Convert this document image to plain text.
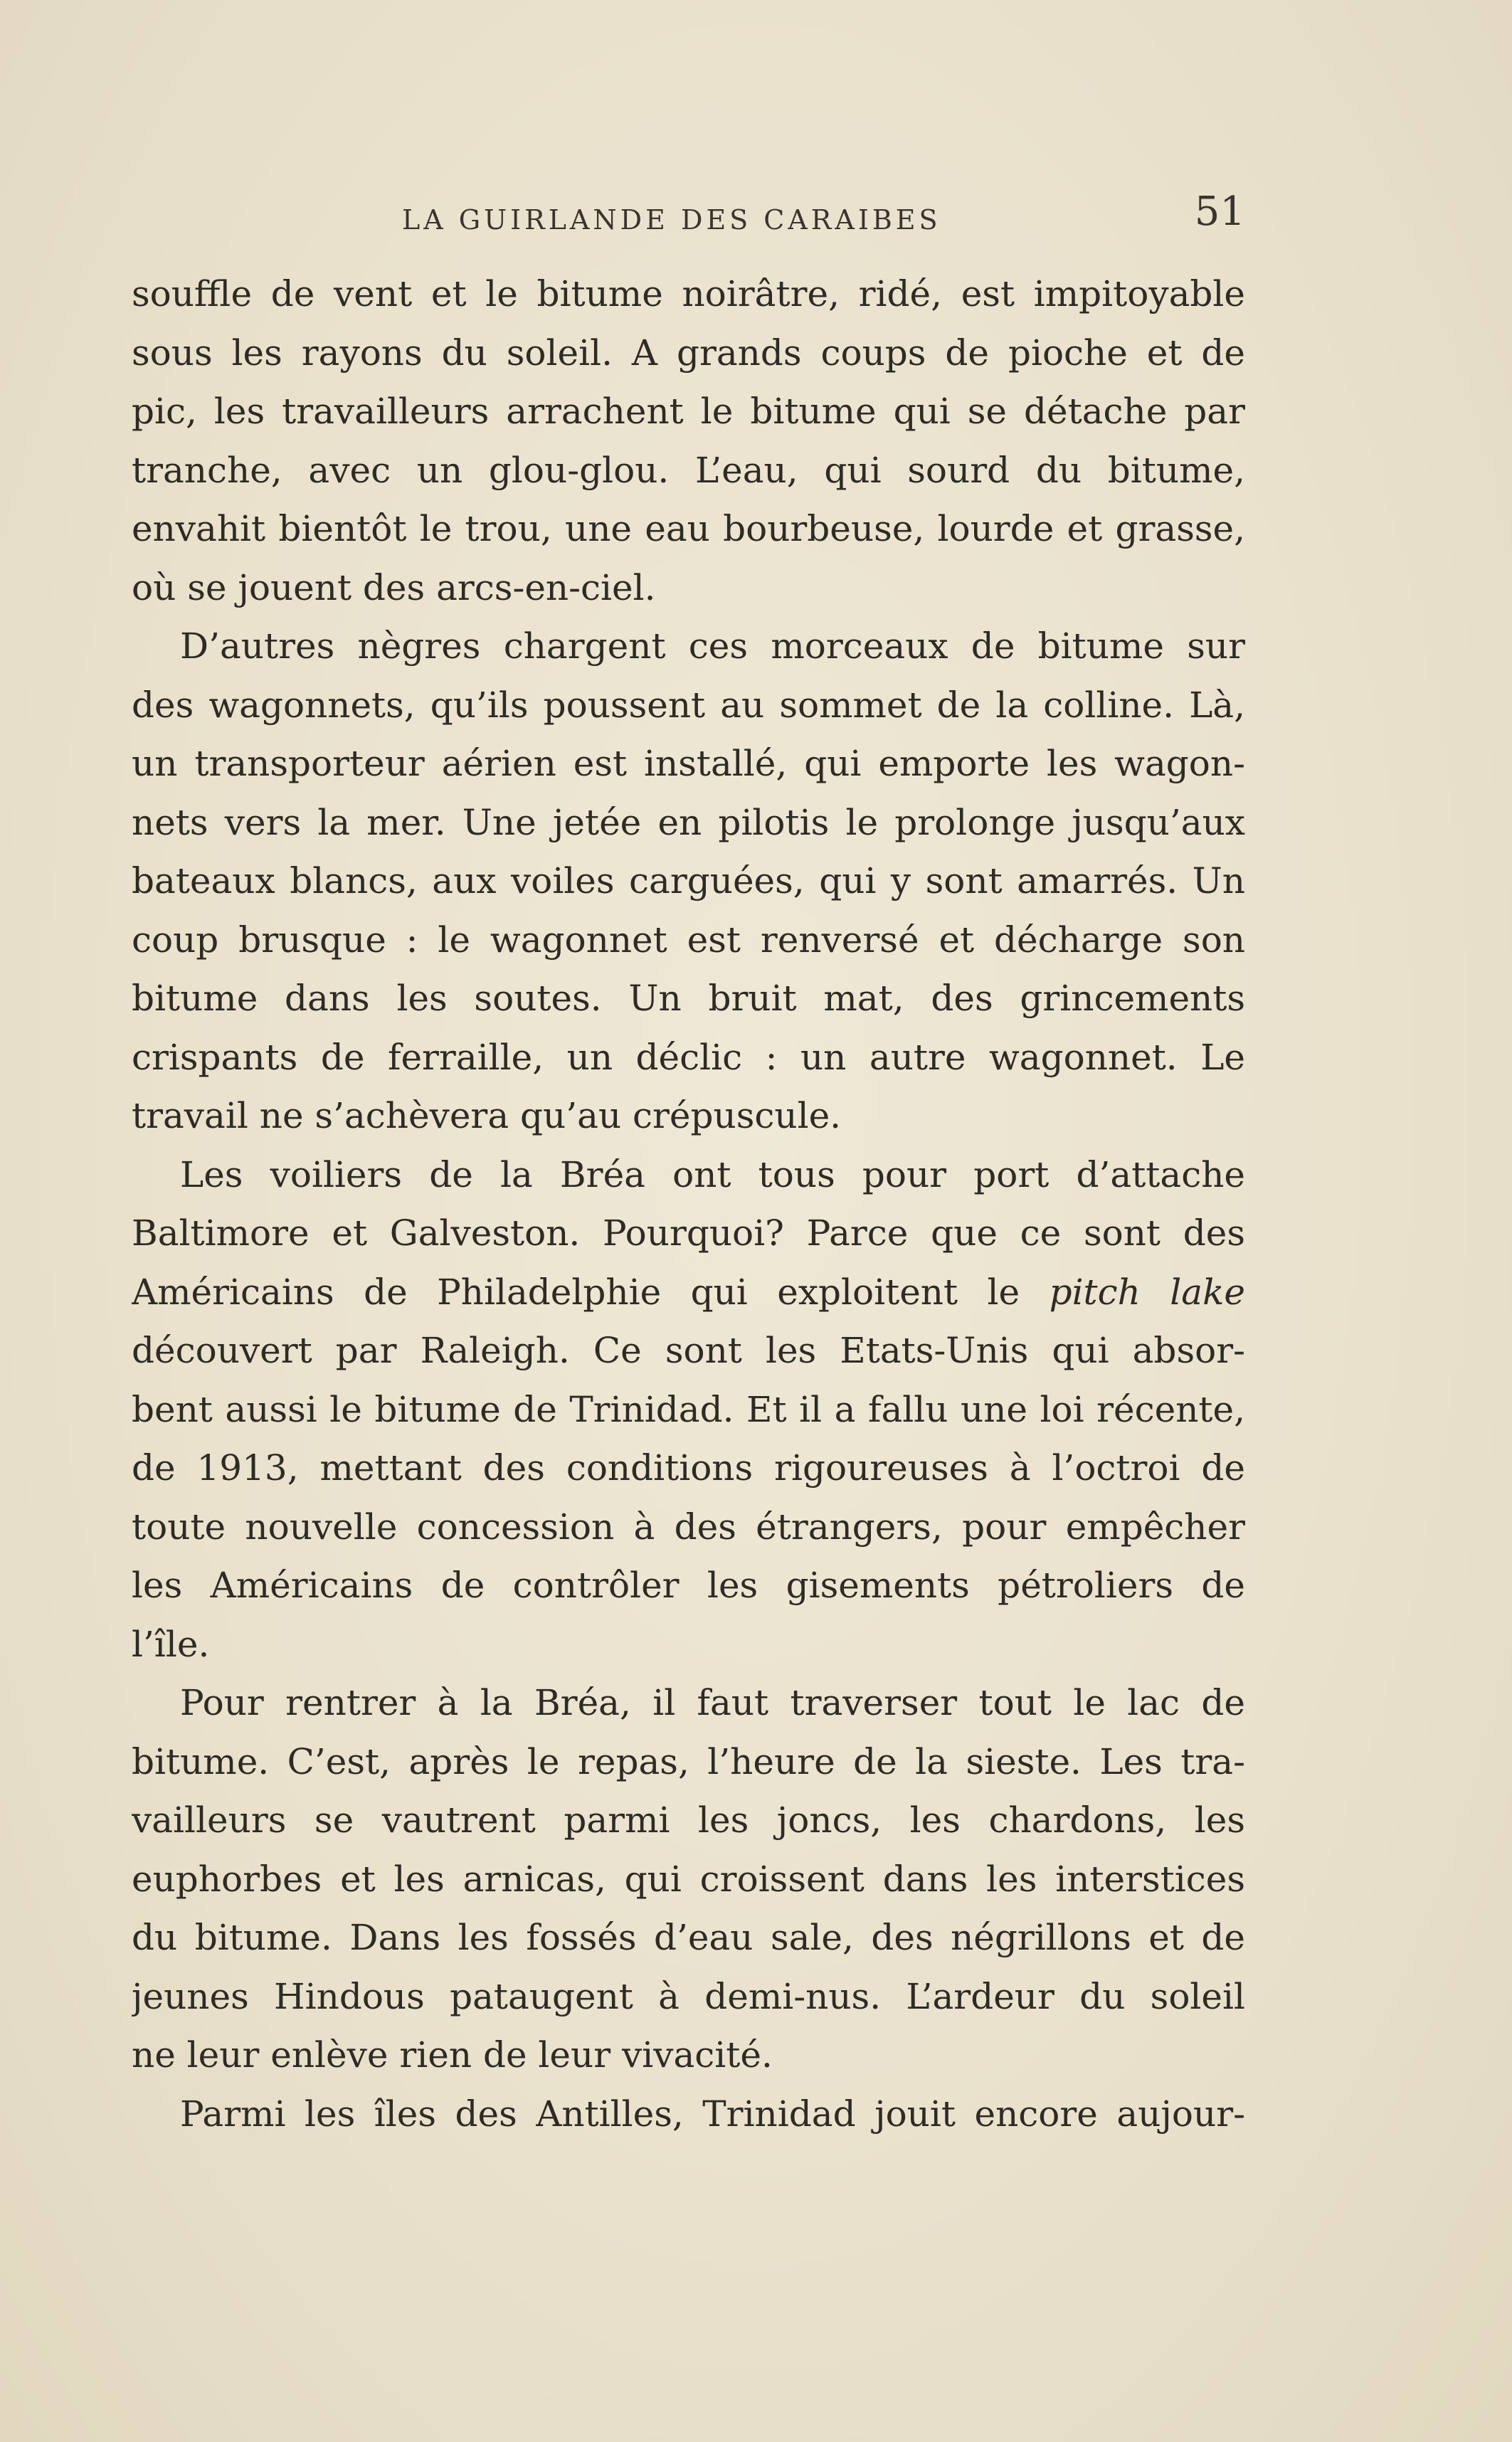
LA GUIRLANDE DES CARAIBES	51
souffle de vent et le bitume noirâtre, ridé, est impitoyable
sous les rayons du soleil. A grands coups de pioche et de
pic, les travailleurs arrachent le bitume qui se détache par
tranche, avec un glou-glou. L’eau, qui sourd du bitume,
envahit bientôt le trou, une eau bourbeuse, lourde et grasse,
où se jouent des arcs-en-ciel.
D’autres nègres chargent ces morceaux de bitume sur
des wagonnets, qu’ils poussent au sommet de la colline. Là,
un transporteur aérien est installé, qui emporte les wagon-
nets vers la mer. Une jetée en pilotis le prolonge jusqu’aux
bateaux blancs, aux voiles carguées, qui y sont amarrés. Un
coup brusque : le wagonnet est renversé et décharge son
bitume dans les soutes. Un bruit mat, des grincements
crispants de ferraille, un déclic : un autre wagonnet. Le
travail ne s’achèvera qu’au crépuscule.
Les voiliers de la Bréa ont tous pour port d’attache
Baltimore et Galveston. Pourquoi? Parce que ce sont des
Américains de Philadelphie qui exploitent le pitch lake
découvert par Raleigh. Ce sont les Etats-Unis qui absor-
bent aussi le bitume de Trinidad. Et il a fallu une loi récente,
de 1913, mettant des conditions rigoureuses à l’octroi de
toute nouvelle concession à des étrangers, pour empêcher
les Américains de contrôler les gisements pétroliers de
l’île.
Pour rentrer à la Bréa, il faut traverser tout le lac de
bitume. C’est, après le repas, l’heure de la sieste. Les tra-
vailleurs se vautrent parmi les joncs, les chardons, les
euphorbes et les arnicas, qui croissent dans les interstices
du bitume. Dans les fossés d’eau sale, des négrillons et de
jeunes Hindous pataugent à demi-nus. L’ardeur du soleil
ne leur enlève rien de leur vivacité.
Parmi les îles des Antilles, Trinidad jouit encore aujour-
